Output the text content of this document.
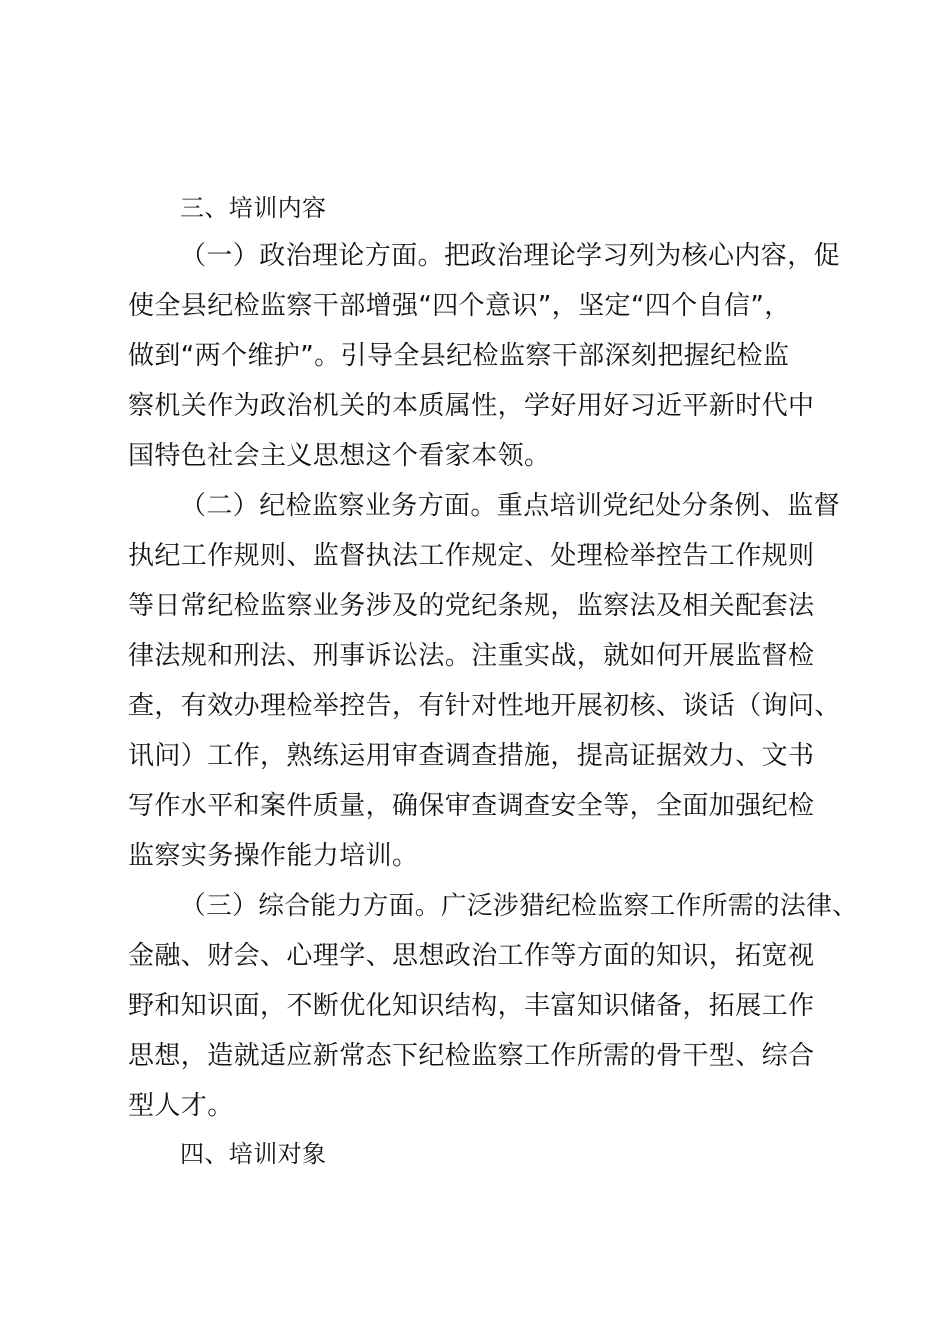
三、培训内容
（一）政治理论方面。把政治理论学习列为核心内容，促
使全县纪检监察干部增强“四个意识”，坚定“四个自信”，
做到“两个维护”。引导全县纪检监察干部深刻把握纪检监
察机关作为政治机关的本质属性，学好用好习近平新时代中
国特色社会主义思想这个看家本领。
（二）纪检监察业务方面。重点培训党纪处分条例、监督
执纪工作规则、监督执法工作规定、处理检举控告工作规则
等日常纪检监察业务涉及的党纪条规，监察法及相关配套法
律法规和刑法、刑事诉讼法。注重实战，就如何开展监督检
查，有效办理检举控告，有针对性地开展初核、谈话（询问、
讯问）工作，熟练运用审查调查措施，提高证据效力、文书
写作水平和案件质量，确保审查调查安全等，全面加强纪检
监察实务操作能力培训。
（三）综合能力方面。广泛涉猎纪检监察工作所需的法律、
金融、财会、心理学、思想政治工作等方面的知识，拓宽视
野和知识面，不断优化知识结构，丰富知识储备，拓展工作
思想，造就适应新常态下纪检监察工作所需的骨干型、综合
型人才。
四、培训对象
